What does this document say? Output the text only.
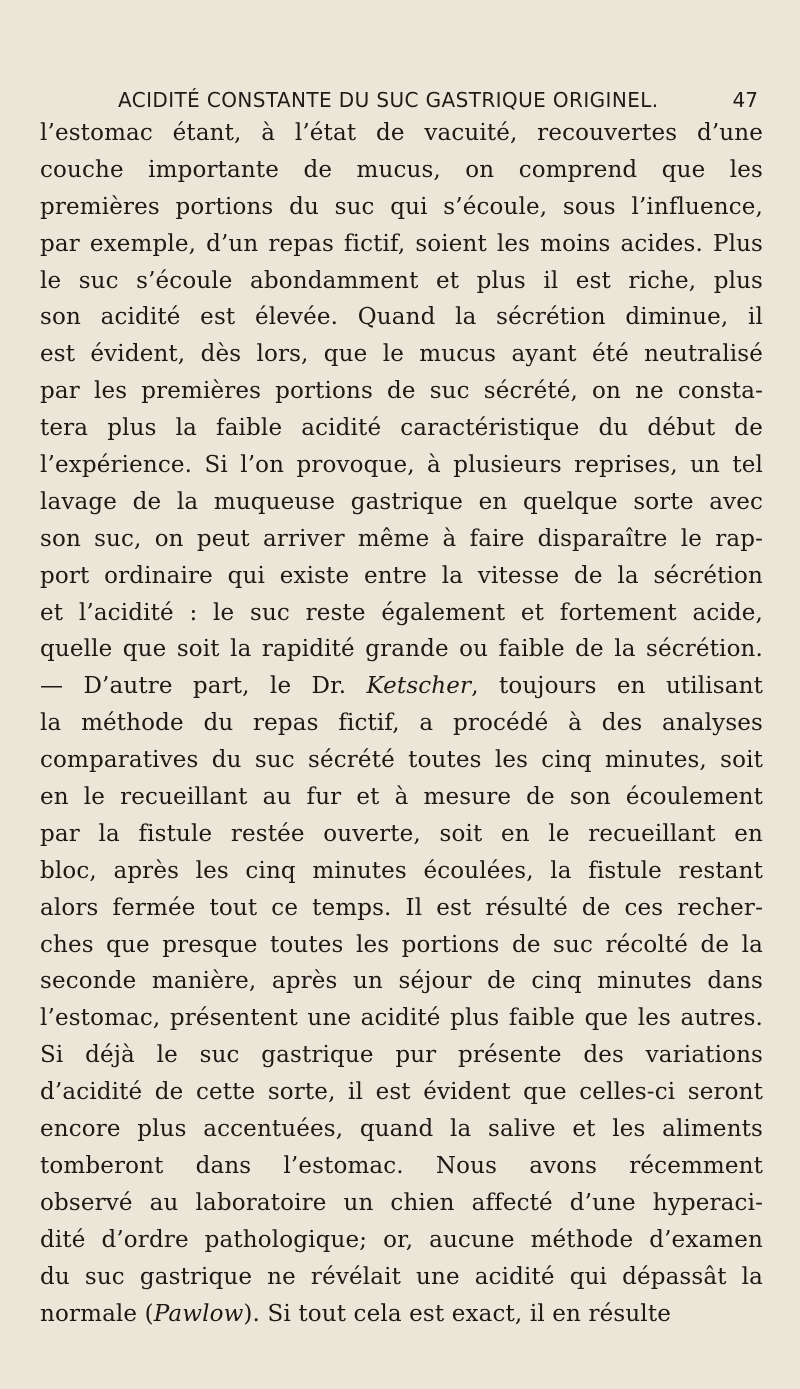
ACIDITÉ CONSTANTE DU SUC GASTRIQUE ORIGINEL.	47
l’estomac étant, à l’état de vacuité, recouvertes d’une
couche importante de mucus, on comprend que les
premières portions du suc qui s’écoule, sous l’influence,
par exemple, d’un repas fictif, soient les moins acides. Plus
le suc s’écoule abondamment et plus il est riche, plus
son acidité est élevée. Quand la sécrétion diminue, il
est évident, dès lors, que le mucus ayant été neutralisé
par les premières portions de suc sécrété, on ne consta-
tera plus la faible acidité caractéristique du début de
l’expérience. Si l’on provoque, à plusieurs reprises, un tel
lavage de la muqueuse gastrique en quelque sorte avec
son suc, on peut arriver même à faire disparaître le rap-
port ordinaire qui existe entre la vitesse de la sécrétion
et l’acidité : le suc reste également et fortement acide,
quelle que soit la rapidité grande ou faible de la sécrétion.
— D’autre part, le Dr. Ketscher, toujours en utilisant
la méthode du repas fictif, a procédé à des analyses
comparatives du suc sécrété toutes les cinq minutes, soit
en le recueillant au fur et à mesure de son écoulement
par la fistule restée ouverte, soit en le recueillant en
bloc, après les cinq minutes écoulées, la fistule restant
alors fermée tout ce temps. Il est résulté de ces recher-
ches que presque toutes les portions de suc récolté de la
seconde manière, après un séjour de cinq minutes dans
l’estomac, présentent une acidité plus faible que les autres.
Si déjà le suc gastrique pur présente des variations
d’acidité de cette sorte, il est évident que celles-ci seront
encore plus accentuées, quand la salive et les aliments
tomberont dans l’estomac. Nous avons récemment
observé au laboratoire un chien affecté d’une hyperaci-
dité d’ordre pathologique; or, aucune méthode d’examen
du suc gastrique ne révélait une acidité qui dépassât la
normale (Pawlow). Si tout cela est exact, il en résulte
